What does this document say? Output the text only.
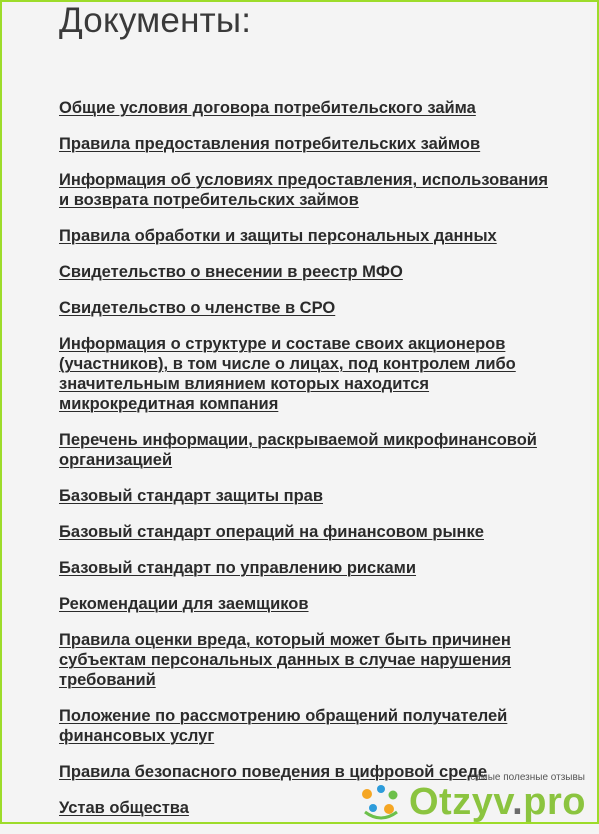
Документы:
Общие условия договора потребительского займа
Правила предоставления потребительских займов
Информация об условиях предоставления, использования и возврата потребительских займов
Правила обработки и защиты персональных данных
Свидетельство о внесении в реестр МФО
Свидетельство о членстве в СРО
Информация о структуре и составе своих акционеров (участников), в том числе о лицах, под контролем либо значительным влиянием которых находится микрокредитная компания
Перечень информации, раскрываемой микрофинансовой организацией
Базовый стандарт защиты прав
Базовый стандарт операций на финансовом рынке
Базовый стандарт по управлению рисками
Рекомендации для заемщиков
Правила оценки вреда, который может быть причинен субъектам персональных данных в случае нарушения требований
Положение по рассмотрению обращений получателей финансовых услуг
Правила безопасного поведения в цифровой среде
Устав общества
самые полезные отзывы
Otzyv.pro
